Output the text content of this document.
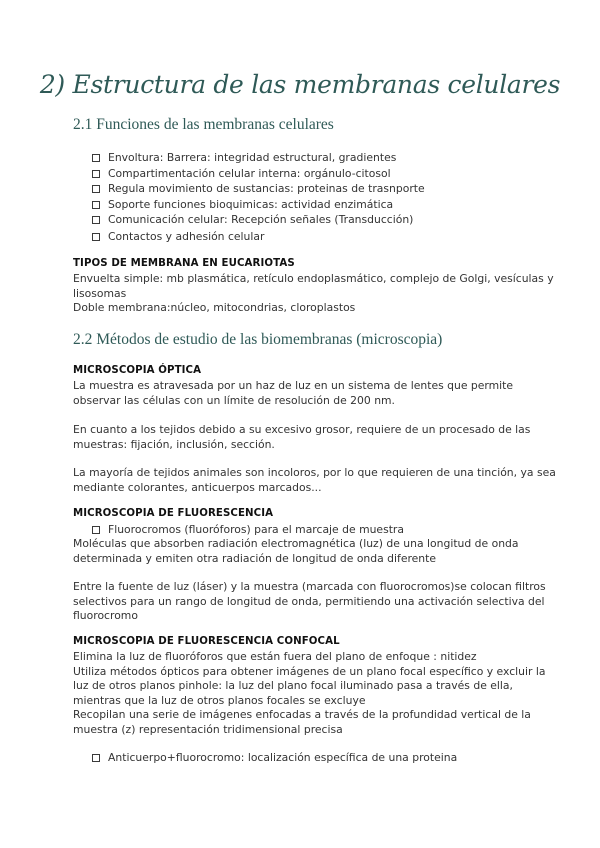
2) Estructura de las membranas celulares
2.1 Funciones de las membranas celulares
Envoltura: Barrera: integridad estructural, gradientes
Compartimentación celular interna: orgánulo-citosol
Regula movimiento de sustancias: proteinas de trasnporte
Soporte funciones bioquimicas: actividad enzimática
Comunicación celular: Recepción señales (Transducción)
Contactos y adhesión celular
TIPOS DE MEMBRANA EN EUCARIOTAS
Envuelta simple: mb plasmática, retículo endoplasmático, complejo de Golgi, vesículas y
lisosomas
Doble membrana:núcleo, mitocondrias, cloroplastos
2.2 Métodos de estudio de las biomembranas (microscopia)
MICROSCOPIA ÓPTICA
La muestra es atravesada por un haz de luz en un sistema de lentes que permite
observar las células con un límite de resolución de 200 nm.
En cuanto a los tejidos debido a su excesivo grosor, requiere de un procesado de las
muestras: fijación, inclusión, sección.
La mayoría de tejidos animales son incoloros, por lo que requieren de una tinción, ya sea
mediante colorantes, anticuerpos marcados...
MICROSCOPIA DE FLUORESCENCIA
Fluorocromos (fluoróforos) para el marcaje de muestra
Moléculas que absorben radiación electromagnética (luz) de una longitud de onda
determinada y emiten otra radiación de longitud de onda diferente
Entre la fuente de luz (láser) y la muestra (marcada con fluorocromos)se colocan filtros
selectivos para un rango de longitud de onda, permitiendo una activación selectiva del
fluorocromo
MICROSCOPIA DE FLUORESCENCIA CONFOCAL
Elimina la luz de fluoróforos que están fuera del plano de enfoque : nitidez
Utiliza métodos ópticos para obtener imágenes de un plano focal específico y excluir la
luz de otros planos pinhole: la luz del plano focal iluminado pasa a través de ella,
mientras que la luz de otros planos focales se excluye
Recopilan una serie de imágenes enfocadas a través de la profundidad vertical de la
muestra (z) representación tridimensional precisa
Anticuerpo+fluorocromo: localización específica de una proteina
